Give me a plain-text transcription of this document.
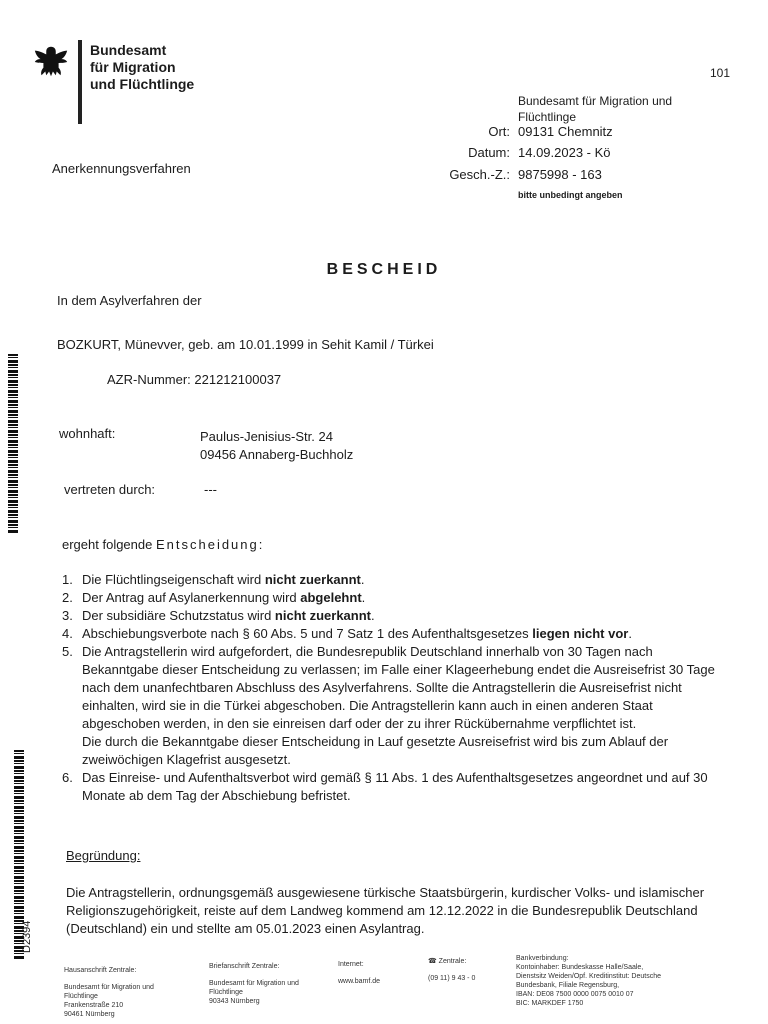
Bundesamt
für Migration
und Flüchtlinge
101
Bundesamt für Migration und Flüchtlinge
Ort: 09131 Chemnitz
Datum: 14.09.2023 - Kö
Gesch.-Z.: 9875998 - 163
bitte unbedingt angeben
Anerkennungsverfahren
BESCHEID
In dem Asylverfahren der
BOZKURT, Münevver, geb. am 10.01.1999 in Sehit Kamil / Türkei
AZR-Nummer: 221212100037
wohnhaft:	Paulus-Jenisius-Str. 24
09456 Annaberg-Buchholz
vertreten durch:	---
ergeht folgende Entscheidung:
1. Die Flüchtlingseigenschaft wird nicht zuerkannt.
2. Der Antrag auf Asylanerkennung wird abgelehnt.
3. Der subsidiäre Schutzstatus wird nicht zuerkannt.
4. Abschiebungsverbote nach § 60 Abs. 5 und 7 Satz 1 des Aufenthaltsgesetzes liegen nicht vor.
5. Die Antragstellerin wird aufgefordert, die Bundesrepublik Deutschland innerhalb von 30 Tagen nach Bekanntgabe dieser Entscheidung zu verlassen; im Falle einer Klageerhebung endet die Ausreisefrist 30 Tage nach dem unanfechtbaren Abschluss des Asylverfahrens. Sollte die Antragstellerin die Ausreisefrist nicht einhalten, wird sie in die Türkei abgeschoben. Die Antragstellerin kann auch in einen anderen Staat abgeschoben werden, in den sie einreisen darf oder der zu ihrer Rückübernahme verpflichtet ist.
Die durch die Bekanntgabe dieser Entscheidung in Lauf gesetzte Ausreisefrist wird bis zum Ablauf der zweiwöchigen Klagefrist ausgesetzt.
6. Das Einreise- und Aufenthaltsverbot wird gemäß § 11 Abs. 1 des Aufenthaltsgesetzes angeordnet und auf 30 Monate ab dem Tag der Abschiebung befristet.
Begründung:
Die Antragstellerin, ordnungsgemäß ausgewiesene türkische Staatsbürgerin, kurdischer Volks- und islamischer Religionszugehörigkeit, reiste auf dem Landweg kommend am 12.12.2022 in die Bundesrepublik Deutschland (Deutschland) ein und stellte am 05.01.2023 einen Asylantrag.
D2394
Hausanschrift Zentrale:
Bundesamt für Migration und
Flüchtlinge
Frankenstraße 210
90461 Nürnberg
Briefanschrift Zentrale:
Bundesamt für Migration und
Flüchtlinge
90343 Nürnberg
Internet:
www.bamf.de
☎ Zentrale:
(09 11) 9 43 - 0
Bankverbindung:
Kontoinhaber: Bundeskasse Halle/Saale,
Dienstsitz Weiden/Opf. Kreditinstitut: Deutsche
Bundesbank, Filiale Regensburg,
IBAN: DE08 7500 0000 0075 0010 07
BIC: MARKDEF 1750
